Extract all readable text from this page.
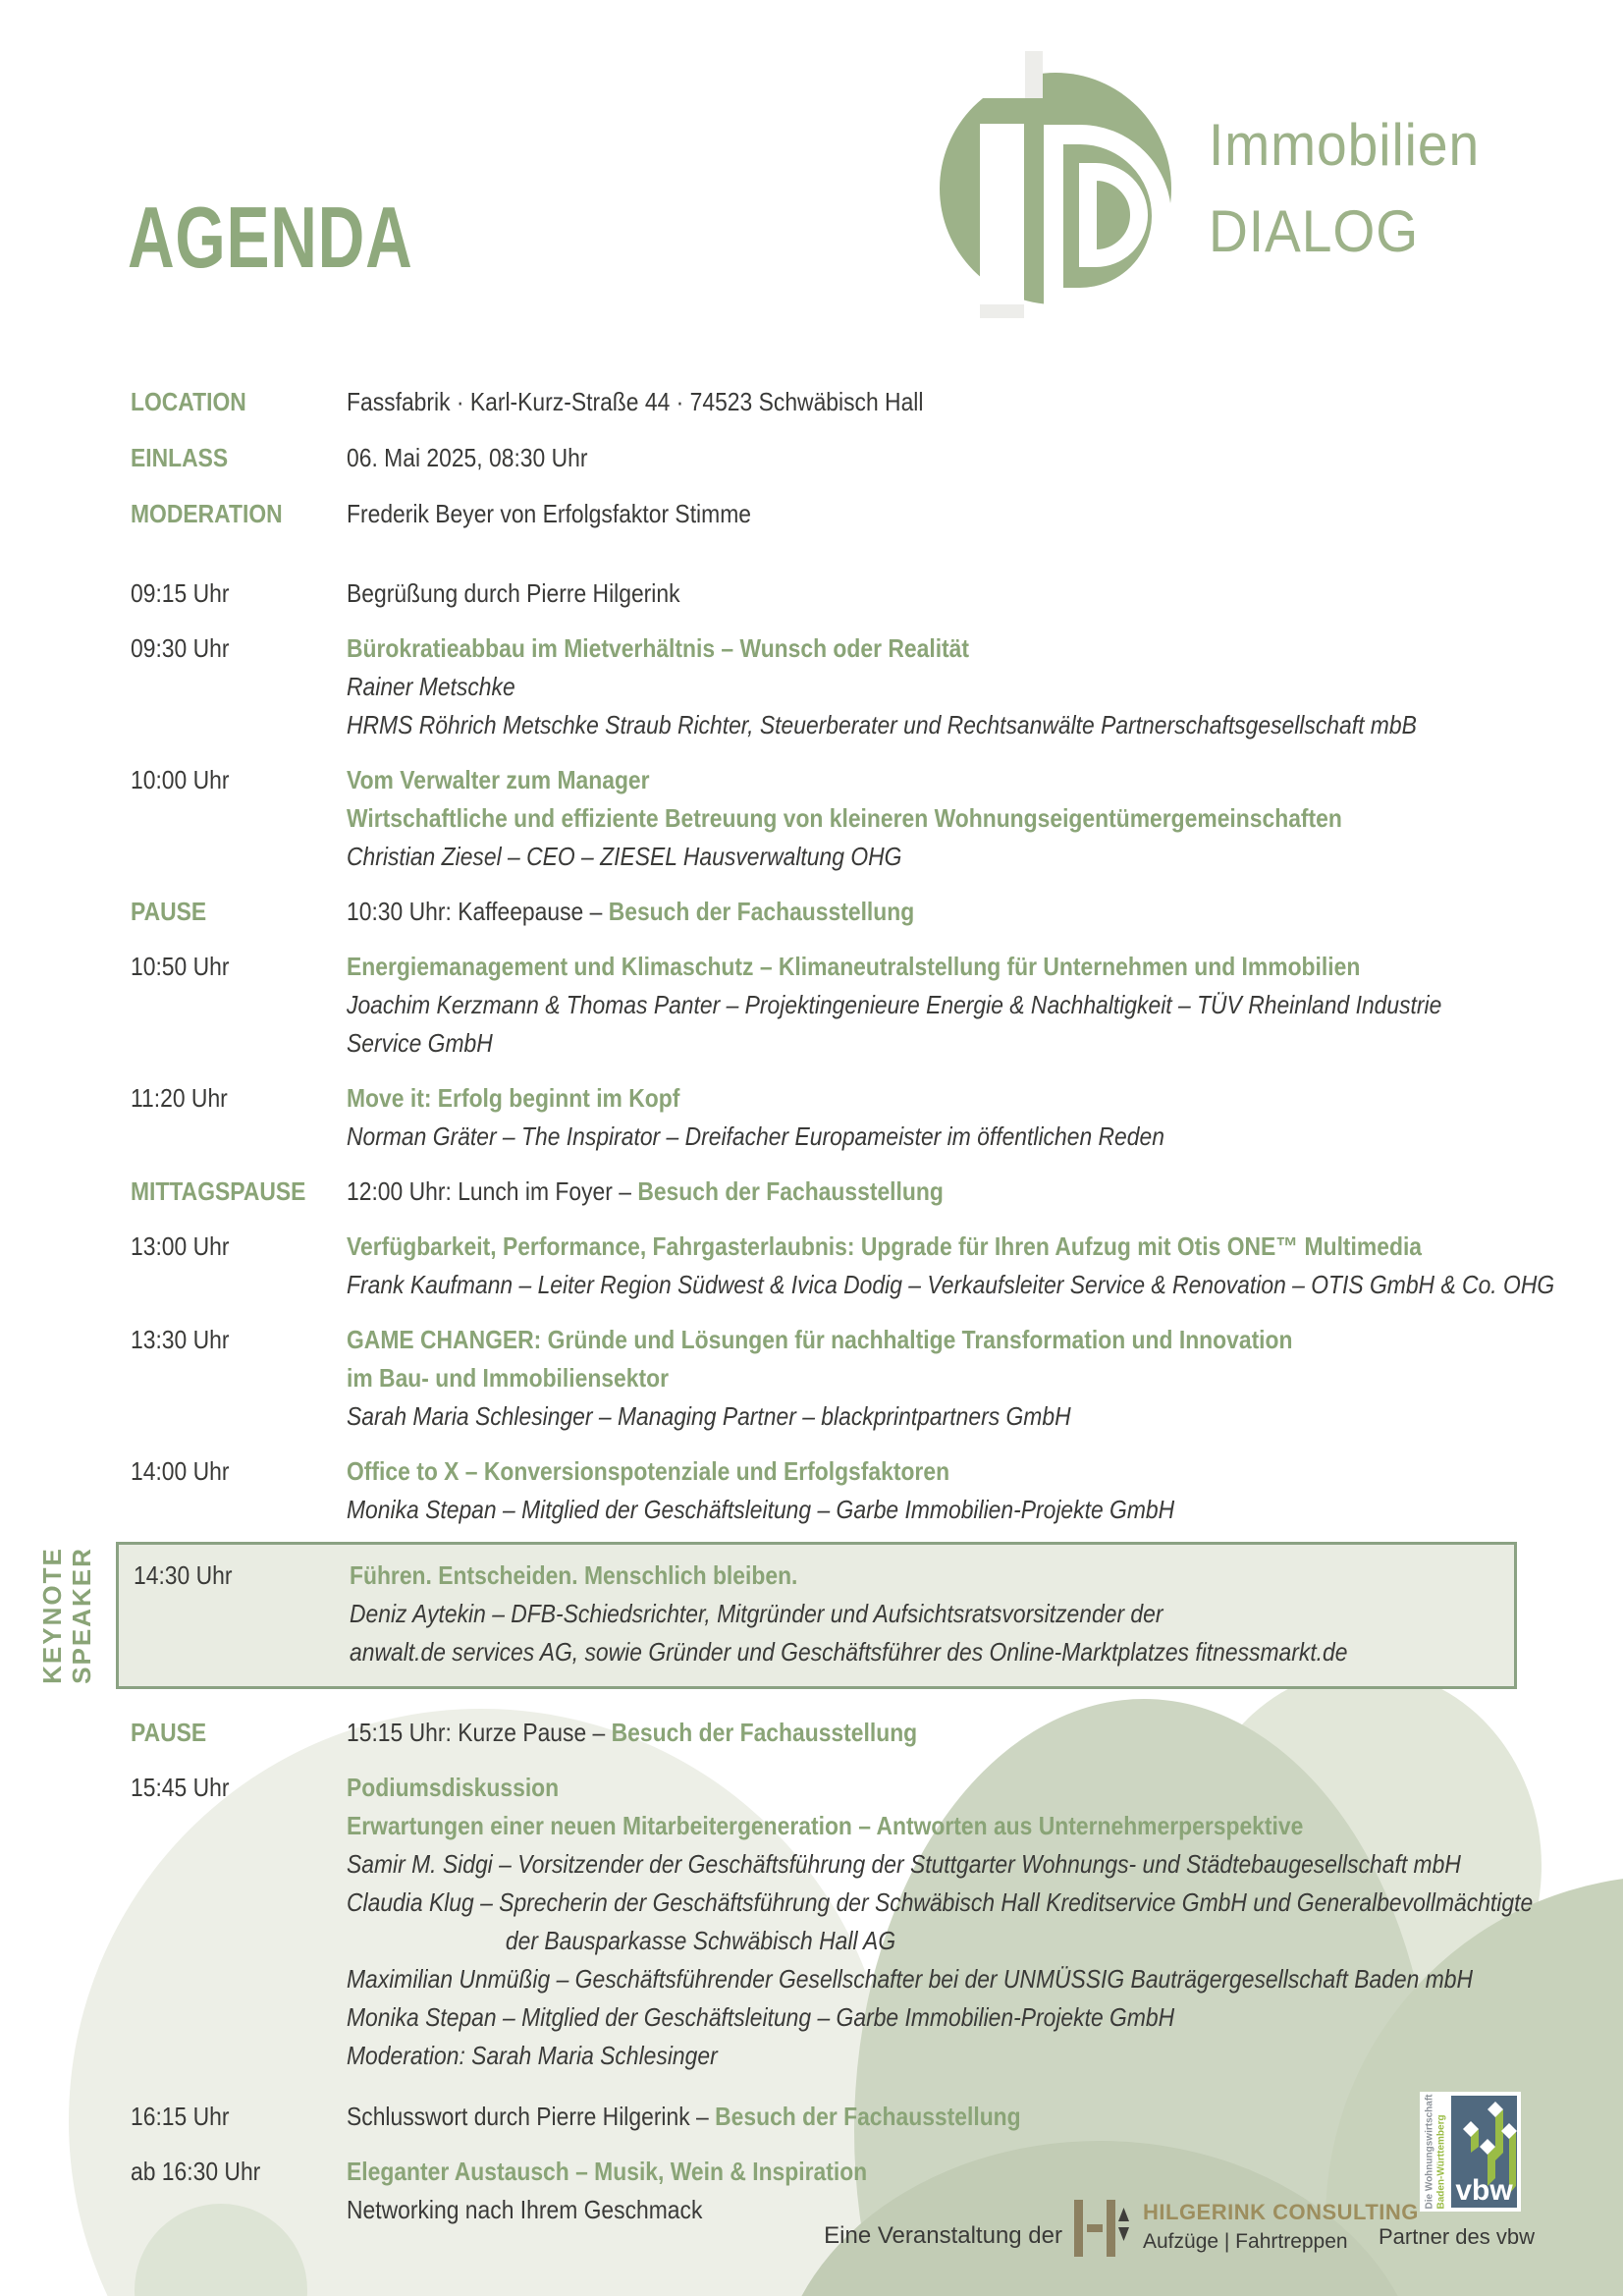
AGENDA
Immobilien
DIALOG
LOCATION	Fassfabrik · Karl-Kurz-Straße 44 · 74523 Schwäbisch Hall
EINLASS	06. Mai 2025, 08:30 Uhr
MODERATION	Frederik Beyer von Erfolgsfaktor Stimme
09:15 Uhr	Begrüßung durch Pierre Hilgerink
09:30 Uhr	Bürokratieabbau im Mietverhältnis – Wunsch oder Realität
Rainer Metschke
HRMS Röhrich Metschke Straub Richter, Steuerberater und Rechtsanwälte Partnerschaftsgesellschaft mbB
10:00 Uhr	Vom Verwalter zum Manager
Wirtschaftliche und effiziente Betreuung von kleineren Wohnungseigentümergemeinschaften
Christian Ziesel – CEO – ZIESEL Hausverwaltung OHG
PAUSE	10:30 Uhr: Kaffeepause – Besuch der Fachausstellung
10:50 Uhr	Energiemanagement und Klimaschutz – Klimaneutralstellung für Unternehmen und Immobilien
Joachim Kerzmann & Thomas Panter – Projektingenieure Energie & Nachhaltigkeit – TÜV Rheinland Industrie
Service GmbH
11:20 Uhr	Move it: Erfolg beginnt im Kopf
Norman Gräter – The Inspirator – Dreifacher Europameister im öffentlichen Reden
MITTAGSPAUSE	12:00 Uhr: Lunch im Foyer – Besuch der Fachausstellung
13:00 Uhr	Verfügbarkeit, Performance, Fahrgasterlaubnis: Upgrade für Ihren Aufzug mit Otis ONE™ Multimedia
Frank Kaufmann – Leiter Region Südwest & Ivica Dodig – Verkaufsleiter Service & Renovation – OTIS GmbH & Co. OHG
13:30 Uhr	GAME CHANGER: Gründe und Lösungen für nachhaltige Transformation und Innovation
im Bau- und Immobiliensektor
Sarah Maria Schlesinger – Managing Partner – blackprintpartners GmbH
14:00 Uhr	Office to X – Konversionspotenziale und Erfolgsfaktoren
Monika Stepan – Mitglied der Geschäftsleitung – Garbe Immobilien-Projekte GmbH
14:30 Uhr	Führen. Entscheiden. Menschlich bleiben.
Deniz Aytekin – DFB-Schiedsrichter, Mitgründer und Aufsichtsratsvorsitzender der
anwalt.de services AG, sowie Gründer und Geschäftsführer des Online-Marktplatzes fitnessmarkt.de
PAUSE	15:15 Uhr: Kurze Pause – Besuch der Fachausstellung
15:45 Uhr	Podiumsdiskussion
Erwartungen einer neuen Mitarbeitergeneration – Antworten aus Unternehmerperspektive
Samir M. Sidgi – Vorsitzender der Geschäftsführung der Stuttgarter Wohnungs- und Städtebaugesellschaft mbH
Claudia Klug – Sprecherin der Geschäftsführung der Schwäbisch Hall Kreditservice GmbH und Generalbevollmächtigte
der Bausparkasse Schwäbisch Hall AG
Maximilian Unmüßig – Geschäftsführender Gesellschafter bei der UNMÜSSIG Bauträgergesellschaft Baden mbH
Monika Stepan – Mitglied der Geschäftsleitung – Garbe Immobilien-Projekte GmbH
Moderation: Sarah Maria Schlesinger
16:15 Uhr	Schlusswort durch Pierre Hilgerink – Besuch der Fachausstellung
ab 16:30 Uhr	Eleganter Austausch – Musik, Wein & Inspiration
Networking nach Ihrem Geschmack
KEYNOTE SPEAKER
Eine Veranstaltung der
HILGERINK CONSULTING
Aufzüge | Fahrtreppen
Die Wohnungswirtschaft Baden-Württemberg vbw
Partner des vbw
